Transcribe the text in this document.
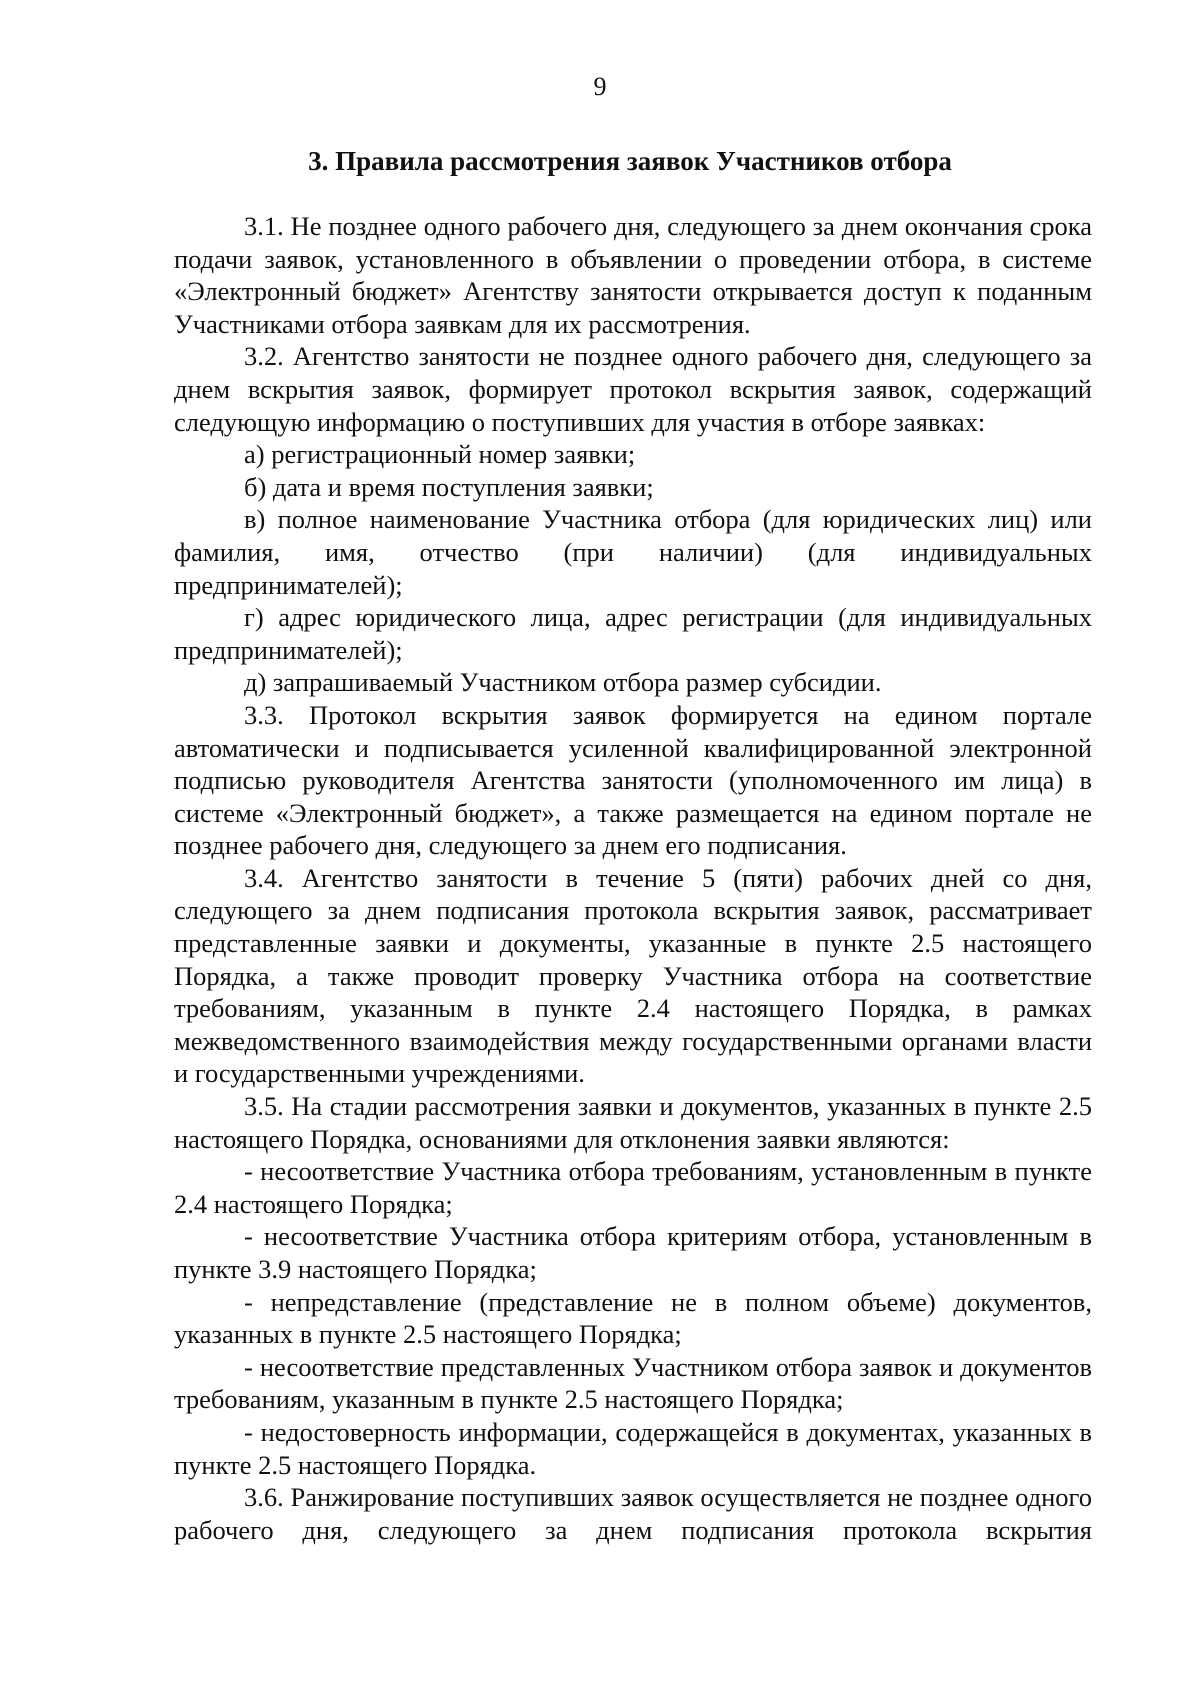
9
3. Правила рассмотрения заявок Участников отбора

3.1. Не позднее одного рабочего дня, следующего за днем окончания срока подачи заявок, установленного в объявлении о проведении отбора, в системе «Электронный бюджет» Агентству занятости открывается доступ к поданным Участниками отбора заявкам для их рассмотрения.

3.2. Агентство занятости не позднее одного рабочего дня, следующего за днем вскрытия заявок, формирует протокол вскрытия заявок, содержащий следующую информацию о поступивших для участия в отборе заявках:

а) регистрационный номер заявки;

б) дата и время поступления заявки;

в) полное наименование Участника отбора (для юридических лиц) или фамилия, имя, отчество (при наличии) (для индивидуальных предпринимателей);

г) адрес юридического лица, адрес регистрации (для индивидуальных предпринимателей);

д) запрашиваемый Участником отбора размер субсидии.

3.3. Протокол вскрытия заявок формируется на едином портале автоматически и подписывается усиленной квалифицированной электронной подписью руководителя Агентства занятости (уполномоченного им лица) в системе «Электронный бюджет», а также размещается на едином портале не позднее рабочего дня, следующего за днем его подписания.

3.4. Агентство занятости в течение 5 (пяти) рабочих дней со дня, следующего за днем подписания протокола вскрытия заявок, рассматривает представленные заявки и документы, указанные в пункте 2.5 настоящего Порядка, а также проводит проверку Участника отбора на соответствие требованиям, указанным в пункте 2.4 настоящего Порядка, в рамках межведомственного взаимодействия между государственными органами власти и государственными учреждениями.

3.5. На стадии рассмотрения заявки и документов, указанных в пункте 2.5 настоящего Порядка, основаниями для отклонения заявки являются:

- несоответствие Участника отбора требованиям, установленным в пункте 2.4 настоящего Порядка;

- несоответствие Участника отбора критериям отбора, установленным в пункте 3.9 настоящего Порядка;

- непредставление (представление не в полном объеме) документов, указанных в пункте 2.5 настоящего Порядка;

- несоответствие представленных Участником отбора заявок и документов требованиям, указанным в пункте 2.5 настоящего Порядка;

- недостоверность информации, содержащейся в документах, указанных в пункте 2.5 настоящего Порядка.

3.6. Ранжирование поступивших заявок осуществляется не позднее одного рабочего дня, следующего за днем подписания протокола вскрытия
